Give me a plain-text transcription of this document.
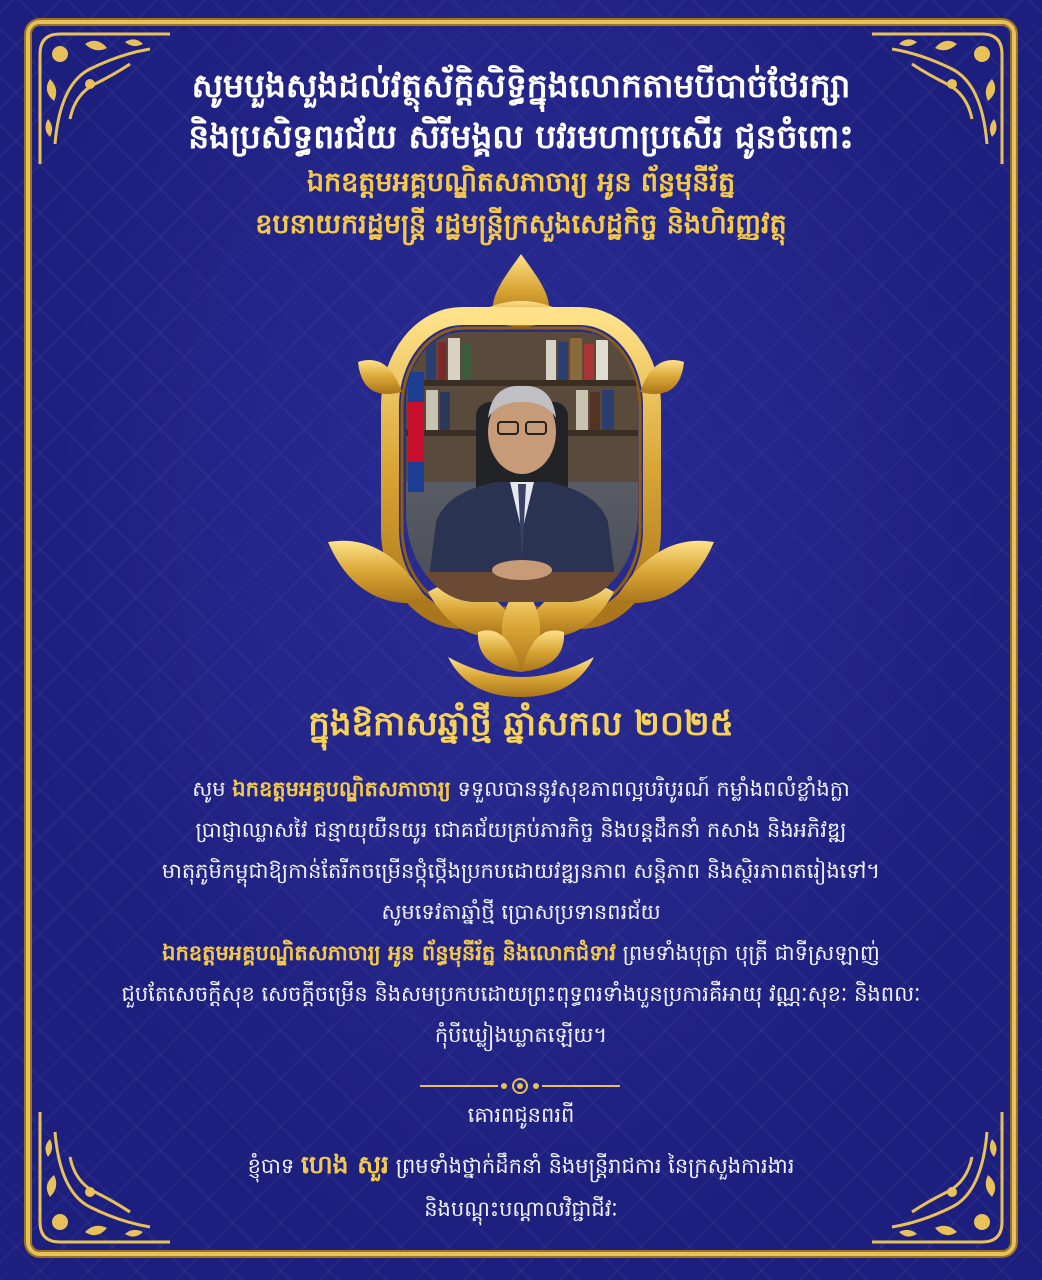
សូមបួងសួងដល់វត្ថុស័ក្តិសិទ្ធិក្នុងលោកតាមបីបាច់ថែរក្សា
និងប្រសិទ្ធពរជ័យ សិរីមង្គល បវរមហាប្រសើរ ជូនចំពោះ
ឯកឧត្តមអគ្គបណ្ឌិតសភាចារ្យ អូន ព័ន្ធមុនីរ័ត្ន
ឧបនាយករដ្ឋមន្ត្រី រដ្ឋមន្ត្រីក្រសួងសេដ្ឋកិច្ច និងហិរញ្ញវត្ថុ
ក្នុងឱកាសឆ្នាំថ្មី ឆ្នាំសកល ២០២៥
សូម ឯកឧត្តមអគ្គបណ្ឌិតសភាចារ្យ ទទួលបាននូវសុខភាពល្អបរិបូរណ៍ កម្លាំងពលំខ្លាំងក្លា
ប្រាជ្ញាឈ្លាសវៃ ជន្មាយុយឺនយូរ ជោគជ័យគ្រប់ភារកិច្ច និងបន្តដឹកនាំ កសាង និងអភិវឌ្ឍ
មាតុភូមិកម្ពុជាឱ្យកាន់តែរីកចម្រើនថ្កុំថ្កើងប្រកបដោយវឌ្ឍនភាព សន្តិភាព និងស្ថិរភាពតរៀងទៅ។
សូមទេវតាឆ្នាំថ្មី ប្រោសប្រទានពរជ័យ
ឯកឧត្តមអគ្គបណ្ឌិតសភាចារ្យ អូន ព័ន្ធមុនីរ័ត្ន និងលោកជំទាវ ព្រមទាំងបុត្រា បុត្រី ជាទីស្រឡាញ់
ជួបតែសេចក្តីសុខ សេចក្តីចម្រើន និងសមប្រកបដោយព្រះពុទ្ធពរទាំងបួនប្រការគឺអាយុ វណ្ណៈសុខៈ និងពលៈ
កុំបីឃ្លៀងឃ្លាតឡើយ។
គោរពជូនពរពី
ខ្ញុំបាទ ហេង សួរ ព្រមទាំងថ្នាក់ដឹកនាំ និងមន្ត្រីរាជការ នៃក្រសួងការងារ
និងបណ្តុះបណ្តាលវិជ្ជាជីវៈ
